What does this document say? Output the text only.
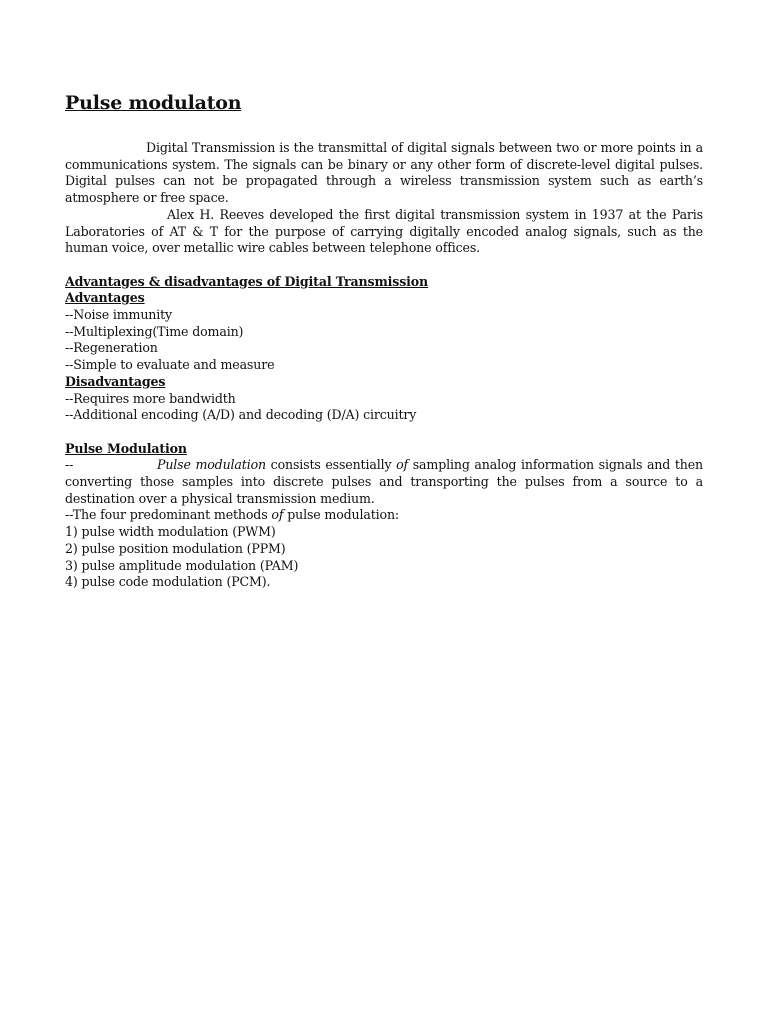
Pulse modulaton

Digital Transmission is the transmittal of digital signals between two or more points in a communications system. The signals can be binary or any other form of discrete-level digital pulses. Digital pulses can not be propagated through a wireless transmission system such as earth’s atmosphere or free space.

Alex H. Reeves developed the first digital transmission system in 1937 at the Paris Laboratories of AT & T for the purpose of carrying digitally encoded analog signals, such as the human voice, over metallic wire cables between telephone offices.

Advantages & disadvantages of Digital Transmission

Advantages

--Noise immunity

--Multiplexing(Time domain)

--Regeneration

--Simple to evaluate and measure

Disadvantages

--Requires more bandwidth

--Additional encoding (A/D) and decoding (D/A) circuitry

Pulse Modulation

--	Pulse modulation consists essentially of sampling analog information signals and then converting those samples into discrete pulses and transporting the pulses from a source to a destination over a physical transmission medium.

--The four predominant methods of pulse modulation:

1) pulse width modulation (PWM)

2) pulse position modulation (PPM)

3) pulse amplitude modulation (PAM)

4) pulse code modulation (PCM).
